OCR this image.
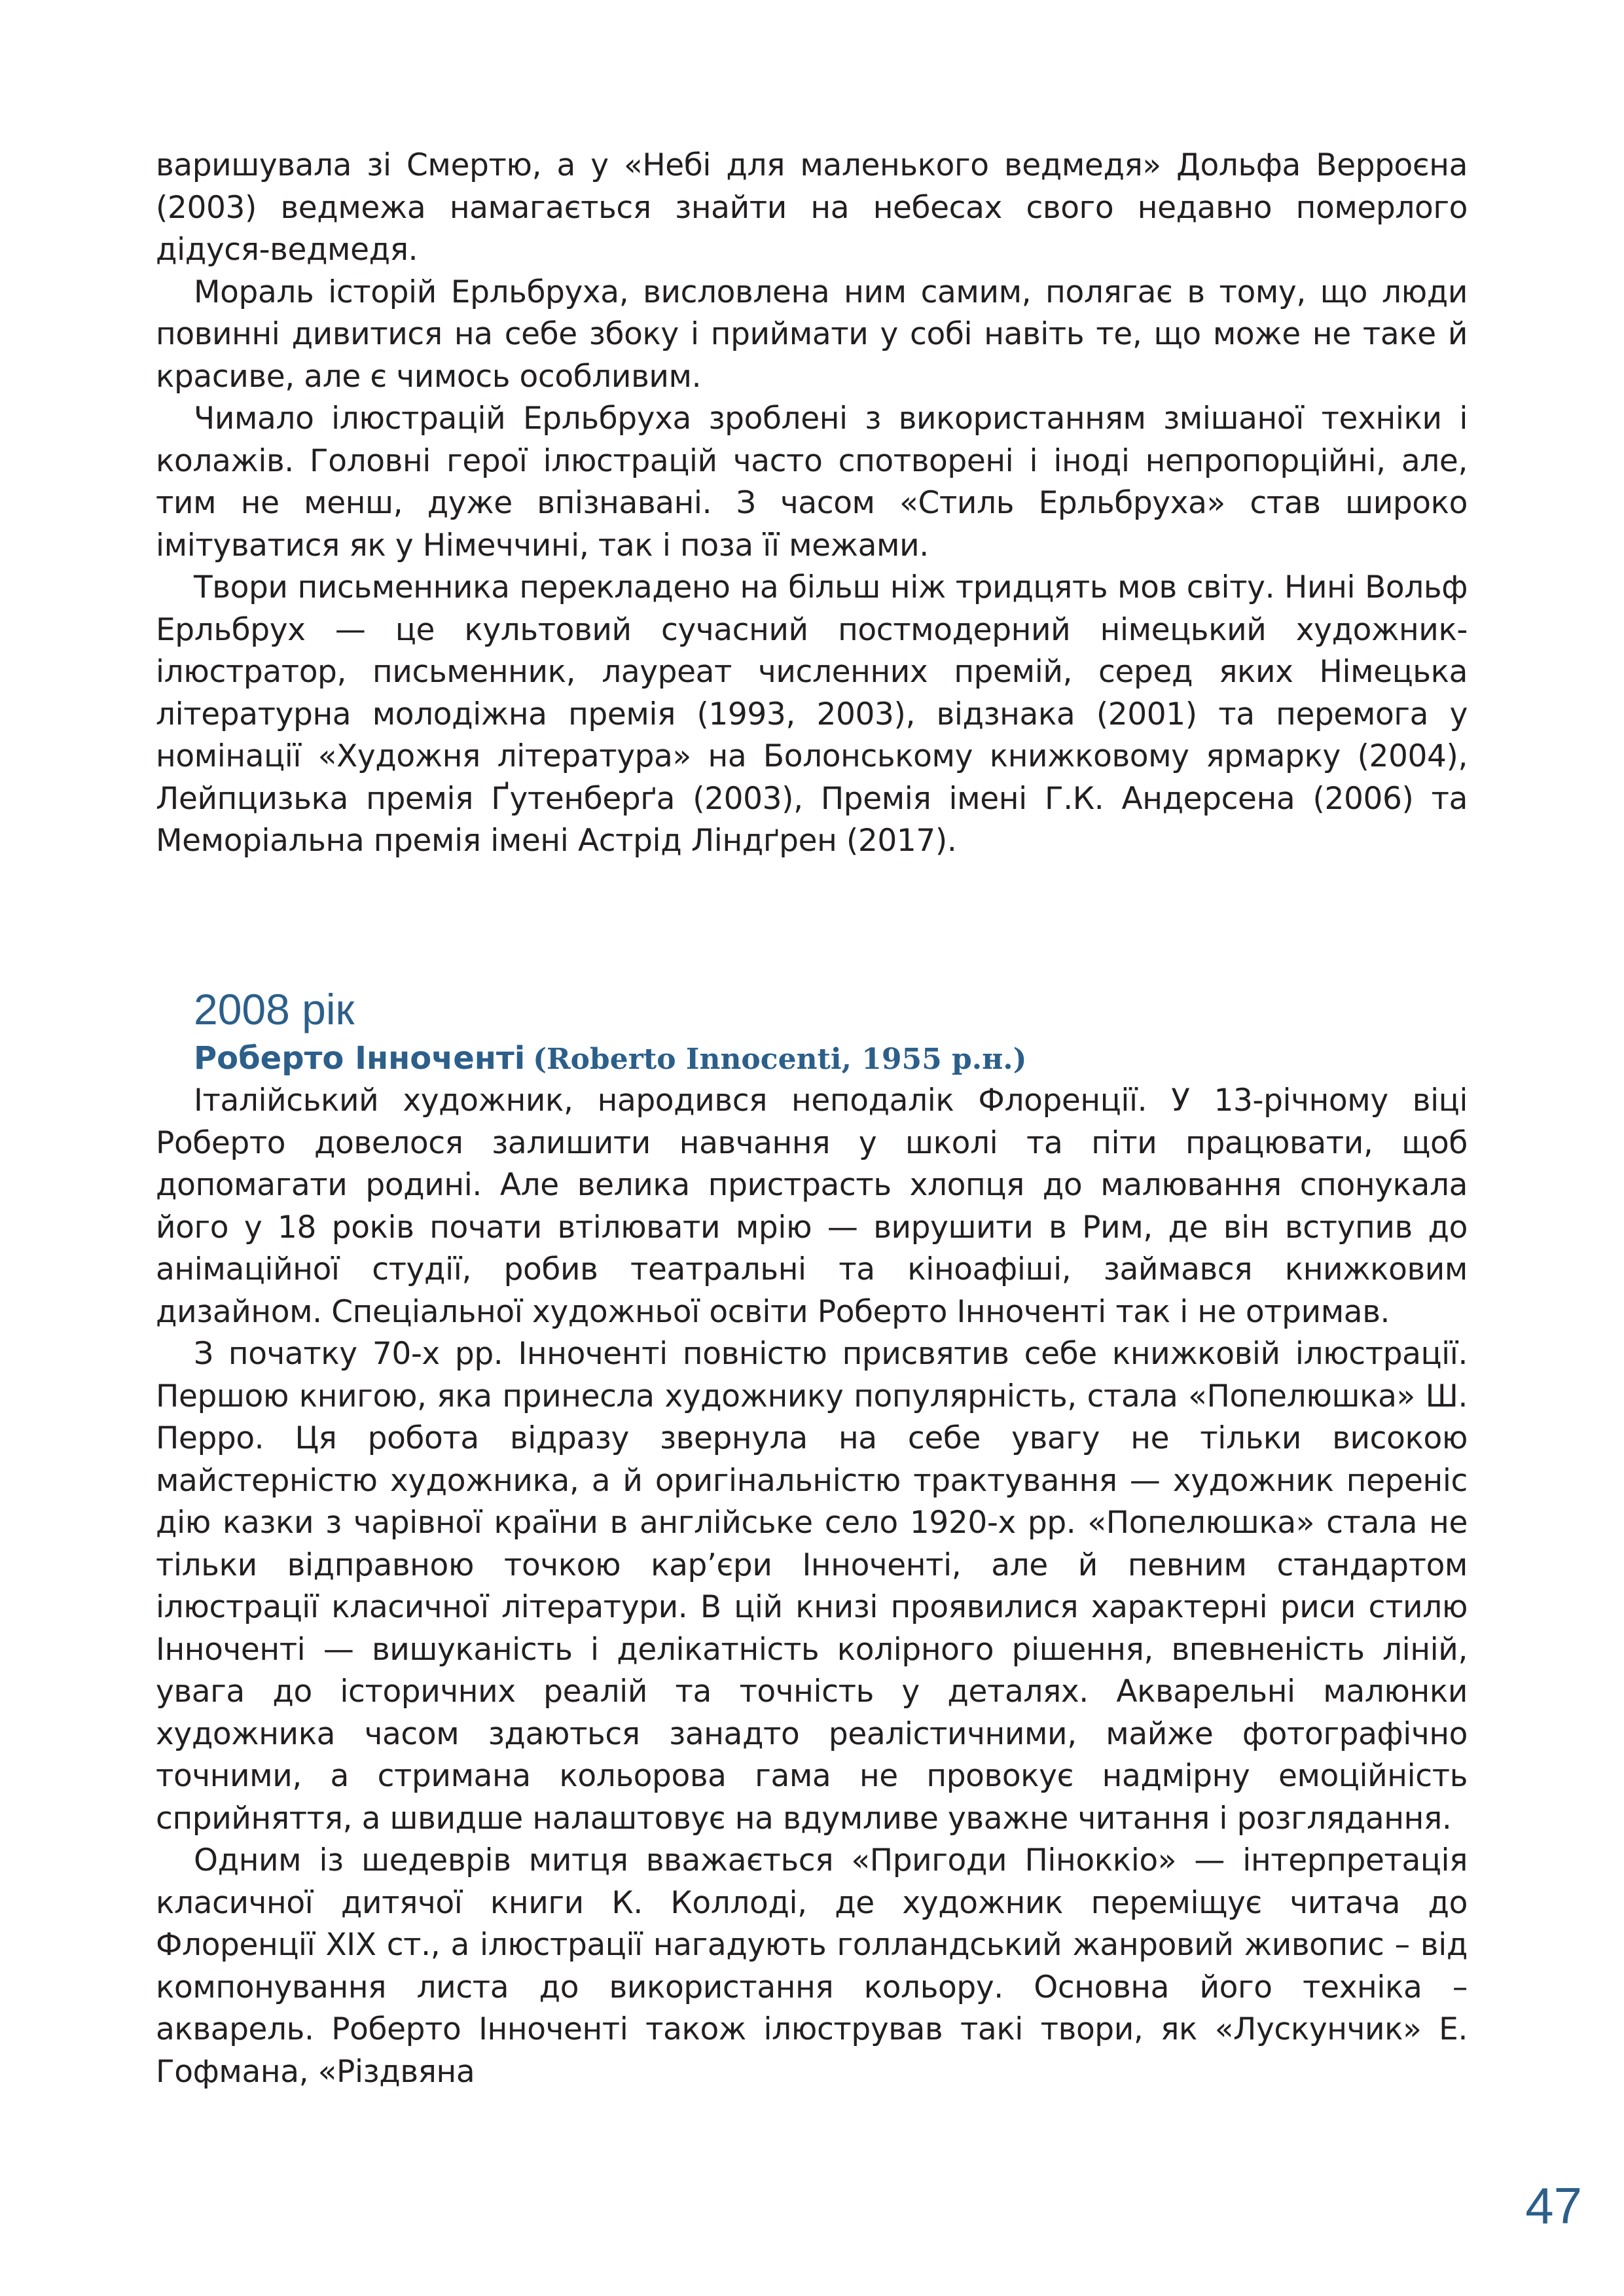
варишувала зі Смертю, а у «Небі для маленького ведмедя» Дольфа Верроєна (2003) ведмежа намагається знайти на небесах свого недавно померлого дідуся-ведмедя.

Мораль історій Ерльбруха, висловлена ним самим, полягає в тому, що люди повинні дивитися на себе збоку і приймати у собі навіть те, що може не таке й красиве, але є чимось особливим.

Чимало ілюстрацій Ерльбруха зроблені з використанням змішаної техніки і колажів. Головні герої ілюстрацій часто спотворені і іноді непропорційні, але, тим не менш, дуже впізнавані. З часом «Стиль Ерльбруха» став широко імітуватися як у Німеччині, так і поза її межами.

Твори письменника перекладено на більш ніж тридцять мов світу. Нині Вольф Ерльбрух — це культовий сучасний постмодерний німецький художник-ілюстратор, письменник, лауреат численних премій, серед яких Німецька літературна молодіжна премія (1993, 2003), відзнака (2001) та перемога у номінації «Художня література» на Болонському книжковому ярмарку (2004), Лейпцизька премія Ґутенберґа (2003), Премія імені Г.К. Андерсена (2006) та Меморіальна премія імені Астрід Ліндґрен (2017).

2008 рік
Роберто Інноченті (Roberto Innocenti, 1955 р.н.)

Італійський художник, народився неподалік Флоренції. У 13-річному віці Роберто довелося залишити навчання у школі та піти працювати, щоб допомагати родині. Але велика пристрасть хлопця до малювання спонукала його у 18 років почати втілювати мрію — вирушити в Рим, де він вступив до анімаційної студії, робив театральні та кіноафіші, займався книжковим дизайном. Спеціальної художньої освіти Роберто Інноченті так і не отримав.

З початку 70-х рр. Інноченті повністю присвятив себе книжковій ілюстрації. Першою книгою, яка принесла художнику популярність, стала «Попелюшка» Ш. Перро. Ця робота відразу звернула на себе увагу не тільки високою майстерністю художника, а й оригінальністю трактування — художник переніс дію казки з чарівної країни в англійське село 1920-х рр. «Попелюшка» стала не тільки відправною точкою кар’єри Інноченті, але й певним стандартом ілюстрації класичної літератури. В цій книзі проявилися характерні риси стилю Інноченті — вишуканість і делікатність колірного рішення, впевненість ліній, увага до історичних реалій та точність у деталях. Акварельні малюнки художника часом здаються занадто реалістичними, майже фотографічно точними, а стримана кольорова гама не провокує надмірну емоційність сприйняття, а швидше налаштовує на вдумливе уважне читання і розглядання.

Одним із шедеврів митця вважається «Пригоди Пінοккіо» — інтерпретація класичної дитячої книги К. Коллоді, де художник переміщує читача до Флоренції XIX ст., а ілюстрації нагадують голландський жанровий живопис – від компонування листа до використання кольору. Основна його техніка – акварель. Роберто Інноченті також ілюстрував такі твори, як «Лускунчик» Е. Гофмана, «Різдвяна

47
